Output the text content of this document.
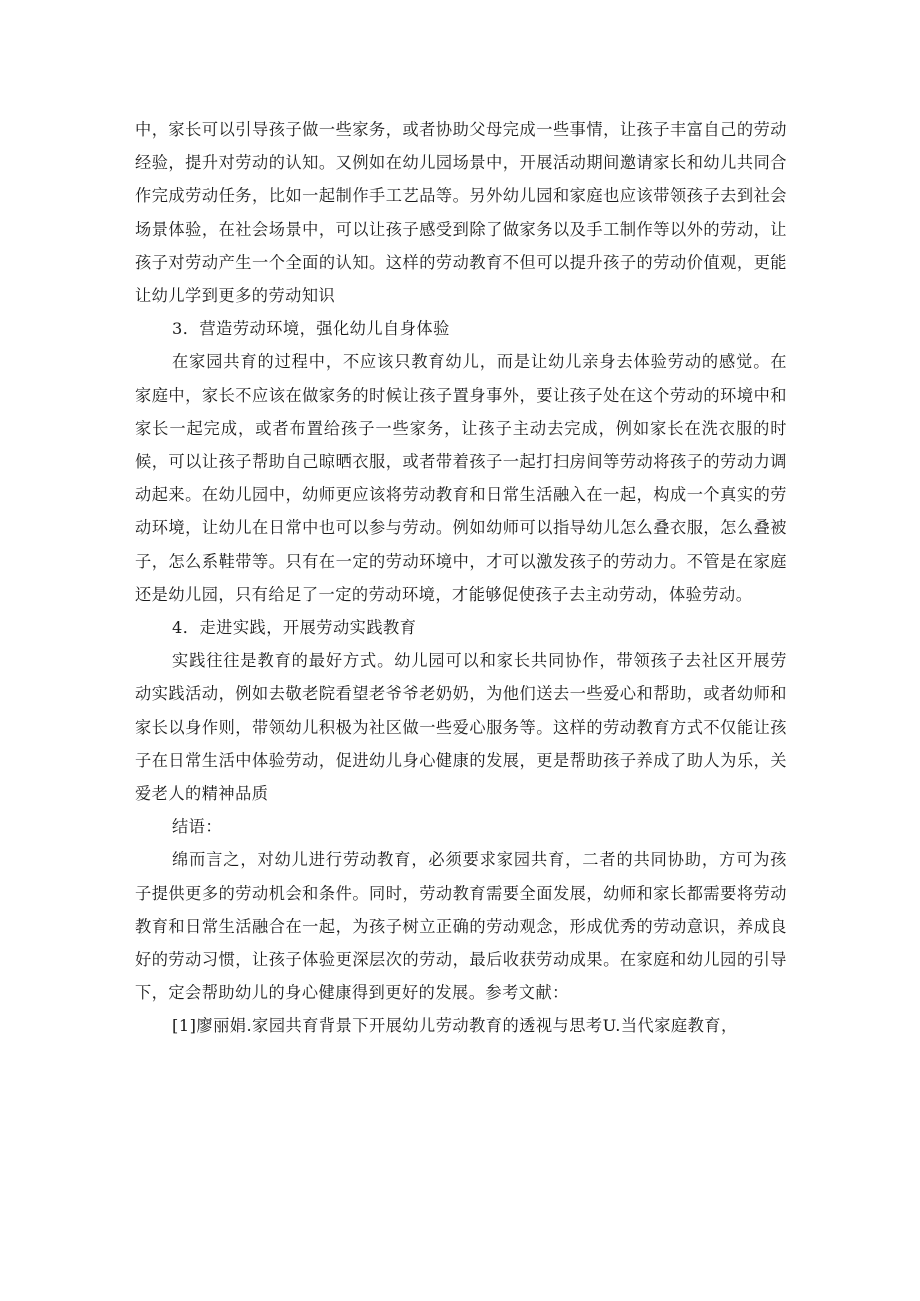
中，家长可以引导孩子做一些家务，或者协助父母完成一些事情，让孩子丰富自己的劳动经验，提升对劳动的认知。又例如在幼儿园场景中，开展活动期间邀请家长和幼儿共同合作完成劳动任务，比如一起制作手工艺品等。另外幼儿园和家庭也应该带领孩子去到社会场景体验，在社会场景中，可以让孩子感受到除了做家务以及手工制作等以外的劳动，让孩子对劳动产生一个全面的认知。这样的劳动教育不但可以提升孩子的劳动价值观，更能让幼儿学到更多的劳动知识

3．营造劳动环境，强化幼儿自身体验

在家园共育的过程中，不应该只教育幼儿，而是让幼儿亲身去体验劳动的感觉。在家庭中，家长不应该在做家务的时候让孩子置身事外，要让孩子处在这个劳动的环境中和家长一起完成，或者布置给孩子一些家务，让孩子主动去完成，例如家长在洗衣服的时候，可以让孩子帮助自己晾晒衣服，或者带着孩子一起打扫房间等劳动将孩子的劳动力调动起来。在幼儿园中，幼师更应该将劳动教育和日常生活融入在一起，构成一个真实的劳动环境，让幼儿在日常中也可以参与劳动。例如幼师可以指导幼儿怎么叠衣服，怎么叠被子，怎么系鞋带等。只有在一定的劳动环境中，才可以激发孩子的劳动力。不管是在家庭还是幼儿园，只有给足了一定的劳动环境，才能够促使孩子去主动劳动，体验劳动。

4．走进实践，开展劳动实践教育

实践往往是教育的最好方式。幼儿园可以和家长共同协作，带领孩子去社区开展劳动实践活动，例如去敬老院看望老爷爷老奶奶，为他们送去一些爱心和帮助，或者幼师和家长以身作则，带领幼儿积极为社区做一些爱心服务等。这样的劳动教育方式不仅能让孩子在日常生活中体验劳动，促进幼儿身心健康的发展，更是帮助孩子养成了助人为乐，关爱老人的精神品质

结语：

绵而言之，对幼儿进行劳动教育，必须要求家园共育，二者的共同协助，方可为孩子提供更多的劳动机会和条件。同时，劳动教育需要全面发展，幼师和家长都需要将劳动教育和日常生活融合在一起，为孩子树立正确的劳动观念，形成优秀的劳动意识，养成良好的劳动习惯，让孩子体验更深层次的劳动，最后收获劳动成果。在家庭和幼儿园的引导下，定会帮助幼儿的身心健康得到更好的发展。参考文献：

[1]廖丽娟.家园共育背景下开展幼儿劳动教育的透视与思考U.当代家庭教育，
